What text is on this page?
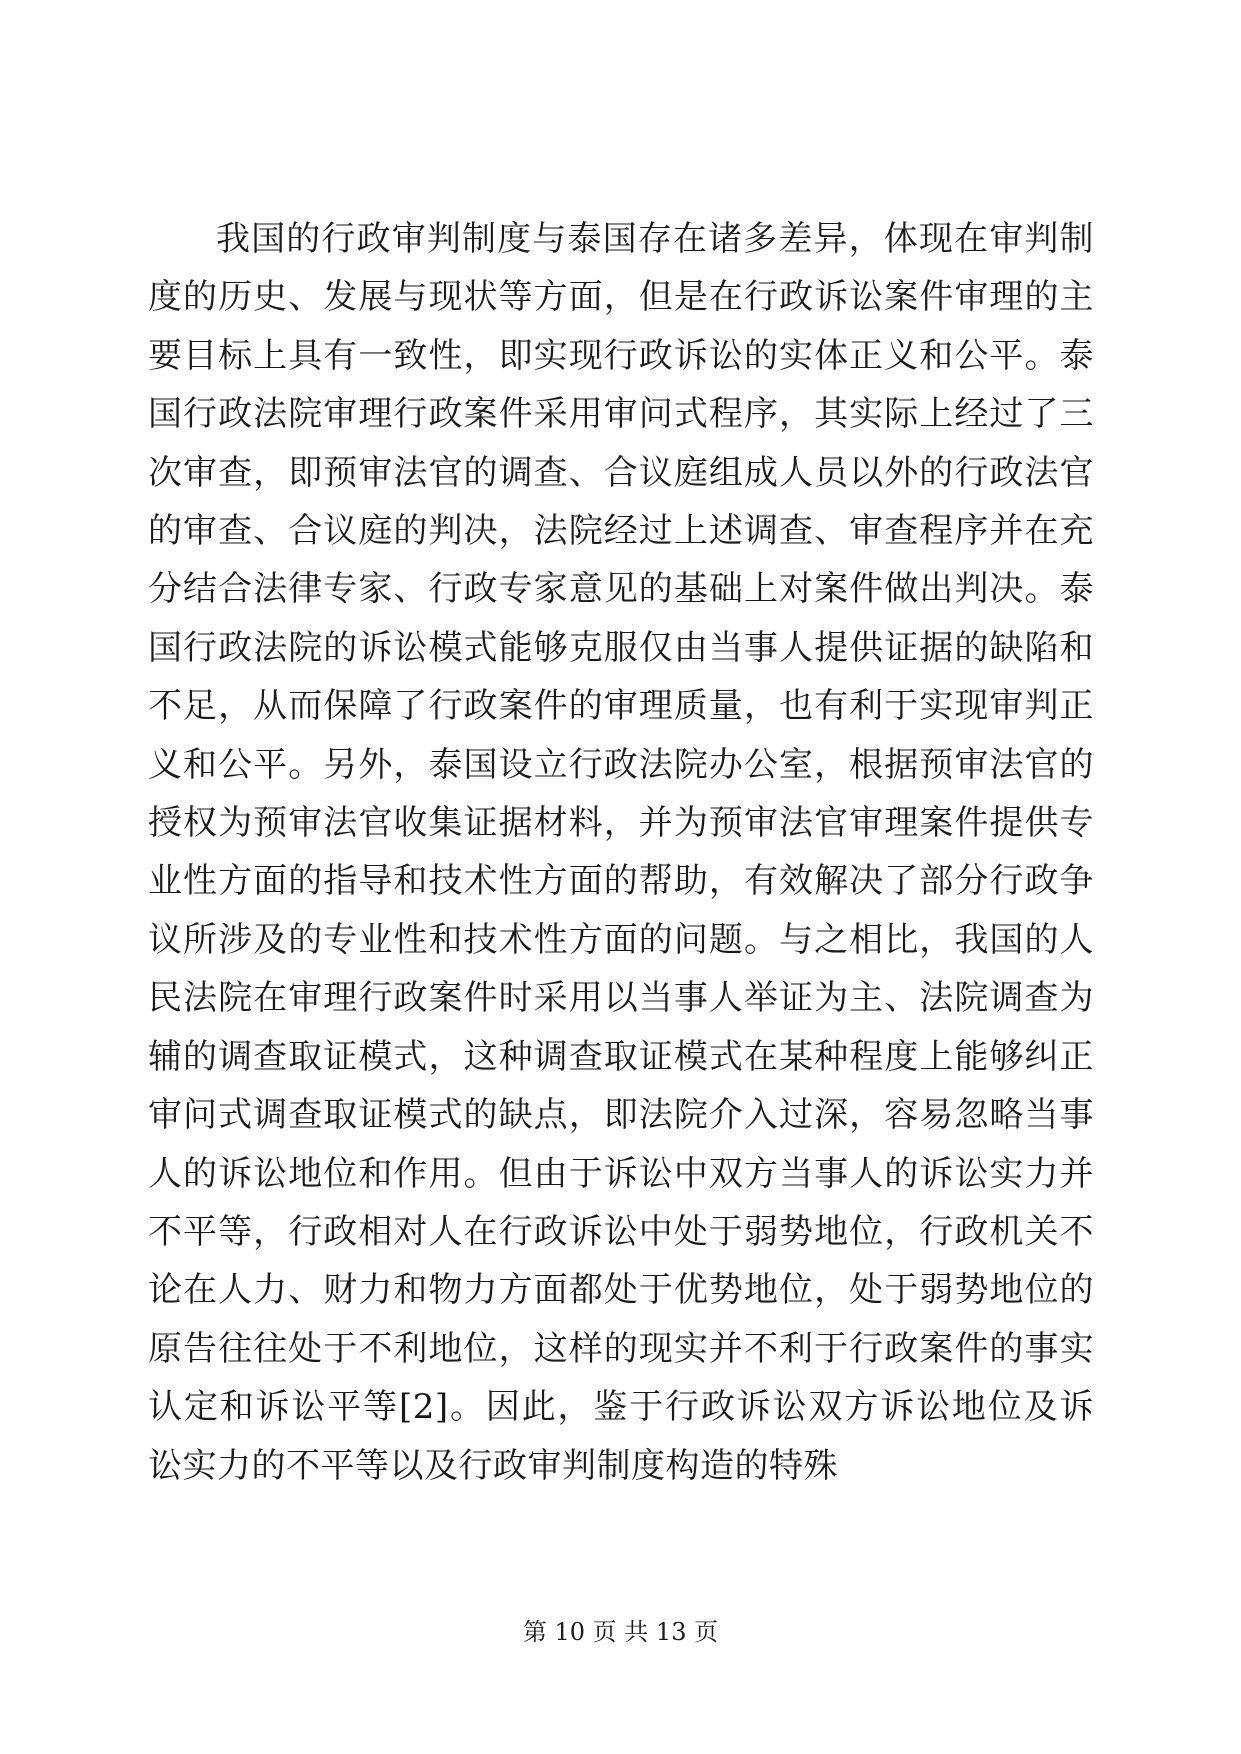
我国的行政审判制度与泰国存在诸多差异，体现在审判制度的历史、发展与现状等方面，但是在行政诉讼案件审理的主要目标上具有一致性，即实现行政诉讼的实体正义和公平。泰国行政法院审理行政案件采用审问式程序，其实际上经过了三次审查，即预审法官的调查、合议庭组成人员以外的行政法官的审查、合议庭的判决，法院经过上述调查、审查程序并在充分结合法律专家、行政专家意见的基础上对案件做出判决。泰国行政法院的诉讼模式能够克服仅由当事人提供证据的缺陷和不足，从而保障了行政案件的审理质量，也有利于实现审判正义和公平。另外，泰国设立行政法院办公室，根据预审法官的授权为预审法官收集证据材料，并为预审法官审理案件提供专业性方面的指导和技术性方面的帮助，有效解决了部分行政争议所涉及的专业性和技术性方面的问题。与之相比，我国的人民法院在审理行政案件时采用以当事人举证为主、法院调查为辅的调查取证模式，这种调查取证模式在某种程度上能够纠正审问式调查取证模式的缺点，即法院介入过深，容易忽略当事人的诉讼地位和作用。但由于诉讼中双方当事人的诉讼实力并不平等，行政相对人在行政诉讼中处于弱势地位，行政机关不论在人力、财力和物力方面都处于优势地位，处于弱势地位的原告往往处于不利地位，这样的现实并不利于行政案件的事实认定和诉讼平等[2]。因此，鉴于行政诉讼双方诉讼地位及诉讼实力的不平等以及行政审判制度构造的特殊

第 10 页 共 13 页
